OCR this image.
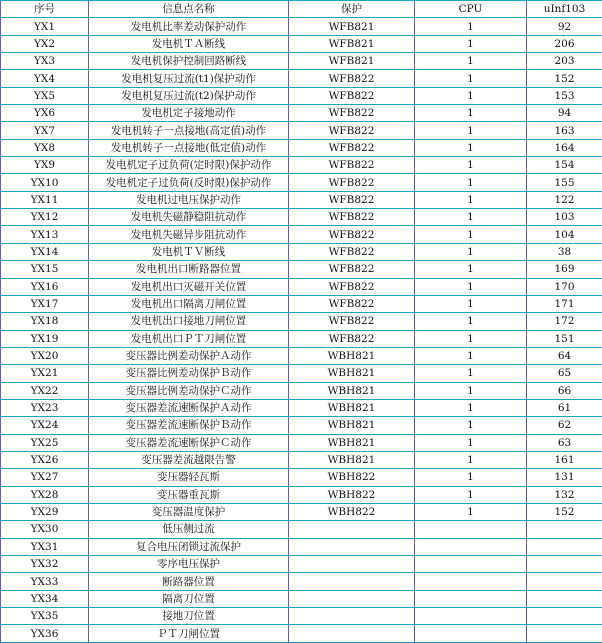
序号	信息点名称	保护	CPU	uInf103
YX1	发电机比率差动保护动作	WFB821	1	92
YX2	发电机ＴＡ断线	WFB821	1	206
YX3	发电机保护控制回路断线	WFB821	1	203
YX4	发电机复压过流(t1)保护动作	WFB822	1	152
YX5	发电机复压过流(t2)保护动作	WFB822	1	153
YX6	发电机定子接地动作	WFB822	1	94
YX7	发电机转子一点接地(高定值)动作	WFB822	1	163
YX8	发电机转子一点接地(低定值)动作	WFB822	1	164
YX9	发电机定子过负荷(定时限)保护动作	WFB822	1	154
YX10	发电机定子过负荷(反时限)保护动作	WFB822	1	155
YX11	发电机过电压保护动作	WFB822	1	122
YX12	发电机失磁静稳阻抗动作	WFB822	1	103
YX13	发电机失磁异步阻抗动作	WFB822	1	104
YX14	发电机ＴＶ断线	WFB822	1	38
YX15	发电机出口断路器位置	WFB822	1	169
YX16	发电机出口灭磁开关位置	WFB822	1	170
YX17	发电机出口隔离刀闸位置	WFB822	1	171
YX18	发电机出口接地刀闸位置	WFB822	1	172
YX19	发电机出口ＰＴ刀闸位置	WFB822	1	151
YX20	变压器比例差动保护Ａ动作	WBH821	1	64
YX21	变压器比例差动保护Ｂ动作	WBH821	1	65
YX22	变压器比例差动保护Ｃ动作	WBH821	1	66
YX23	变压器差流速断保护Ａ动作	WBH821	1	61
YX24	变压器差流速断保护Ｂ动作	WBH821	1	62
YX25	变压器差流速断保护Ｃ动作	WBH821	1	63
YX26	变压器差流越限告警	WBH821	1	161
YX27	变压器轻瓦斯	WBH822	1	131
YX28	变压器重瓦斯	WBH822	1	132
YX29	变压器温度保护	WBH822	1	152
YX30	低压侧过流			
YX31	复合电压闭锁过流保护			
YX32	零序电压保护			
YX33	断路器位置			
YX34	隔离刀位置			
YX35	接地刀位置			
YX36	ＰＴ刀闸位置			
